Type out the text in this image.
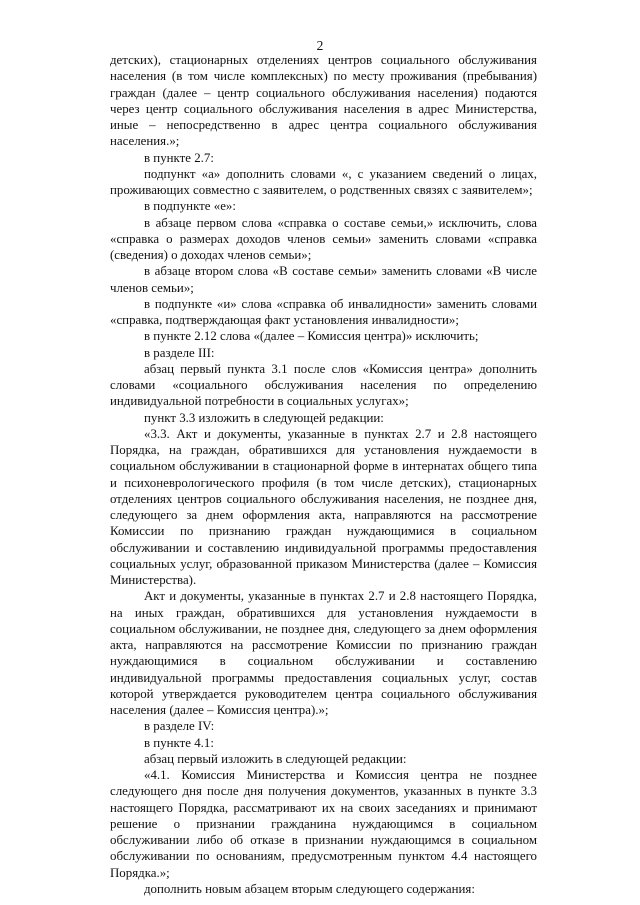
2

детских), стационарных отделениях центров социального обслуживания населения (в том числе комплексных) по месту проживания (пребывания) граждан (далее – центр социального обслуживания населения) подаются через центр социального обслуживания населения в адрес Министерства, иные – непосредственно в адрес центра социального обслуживания населения.»;

в пункте 2.7:

подпункт «а» дополнить словами «, с указанием сведений о лицах, проживающих совместно с заявителем, о родственных связях с заявителем»;

в подпункте «е»:

в абзаце первом слова «справка о составе семьи,» исключить, слова «справка о размерах доходов членов семьи» заменить словами «справка (сведения) о доходах членов семьи»;

в абзаце втором слова «В составе семьи» заменить словами «В числе членов семьи»;

в подпункте «и» слова «справка об инвалидности» заменить словами «справка, подтверждающая факт установления инвалидности»;

в пункте 2.12 слова «(далее – Комиссия центра)» исключить;

в разделе III:

абзац первый пункта 3.1 после слов «Комиссия центра» дополнить словами «социального обслуживания населения по определению индивидуальной потребности в социальных услугах»;

пункт 3.3 изложить в следующей редакции:

«3.3. Акт и документы, указанные в пунктах 2.7 и 2.8 настоящего Порядка, на граждан, обратившихся для установления нуждаемости в социальном обслуживании в стационарной форме в интернатах общего типа и психоневрологического профиля (в том числе детских), стационарных отделениях центров социального обслуживания населения, не позднее дня, следующего за днем оформления акта, направляются на рассмотрение Комиссии по признанию граждан нуждающимися в социальном обслуживании и составлению индивидуальной программы предоставления социальных услуг, образованной приказом Министерства (далее – Комиссия Министерства).

Акт и документы, указанные в пунктах 2.7 и 2.8 настоящего Порядка, на иных граждан, обратившихся для установления нуждаемости в социальном обслуживании, не позднее дня, следующего за днем оформления акта, направляются на рассмотрение Комиссии по признанию граждан нуждающимися в социальном обслуживании и составлению индивидуальной программы предоставления социальных услуг, состав которой утверждается руководителем центра социального обслуживания населения (далее – Комиссия центра).»;

в разделе IV:

в пункте 4.1:

абзац первый изложить в следующей редакции:

«4.1. Комиссия Министерства и Комиссия центра не позднее следующего дня после дня получения документов, указанных в пункте 3.3 настоящего Порядка, рассматривают их на своих заседаниях и принимают решение о признании гражданина нуждающимся в социальном обслуживании либо об отказе в признании нуждающимся в социальном обслуживании по основаниям, предусмотренным пунктом 4.4 настоящего Порядка.»;

дополнить новым абзацем вторым следующего содержания:
